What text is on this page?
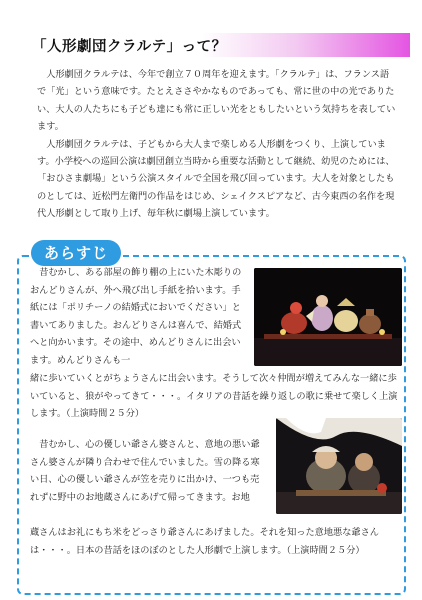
「人形劇団クラルテ」って？

人形劇団クラルテは、今年で創立７０周年を迎えます。「クラルテ」は、フランス語で「光」という意味です。たとえささやかなものであっても、常に世の中の光でありたい、大人の人たちにも子ども達にも常に正しい光をともしたいという気持ちを表しています。

人形劇団クラルテは、子どもから大人まで楽しめる人形劇をつくり、上演しています。小学校への巡回公演は劇団創立当時から重要な活動として継続、幼児のためには、「おひさま劇場」という公演スタイルで全国を飛び回っています。大人を対象としたものとしては、近松門左衛門の作品をはじめ、シェイクスピアなど、古今東西の名作を現代人形劇として取り上げ、毎年秋に劇場上演しています。

あらすじ

昔むかし、ある部屋の飾り棚の上にいた木彫りのおんどりさんが、外へ飛び出し手紙を拾います。手紙には「ポリチーノの結婚式においでください」と書いてありました。おんどりさんは喜んで、結婚式へと向かいます。その途中、めんどりさんに出会います。めんどりさんも一

緒に歩いていくとがちょうさんに出会います。そうして次々仲間が増えてみんな一緒に歩いていると、狼がやってきて・・・。イタリアの昔話を繰り返しの歌に乗せて楽しく上演します。（上演時間２５分）

昔むかし、心の優しい爺さん婆さんと、意地の悪い爺さん婆さんが隣り合わせで住んでいました。雪の降る寒い日、心の優しい爺さんが笠を売りに出かけ、一つも売れずに野中のお地蔵さんにあげて帰ってきます。お地

蔵さんはお礼にもち米をどっさり爺さんにあげました。それを知った意地悪な爺さんは・・・。日本の昔話をほのぼのとした人形劇で上演します。（上演時間２５分）
